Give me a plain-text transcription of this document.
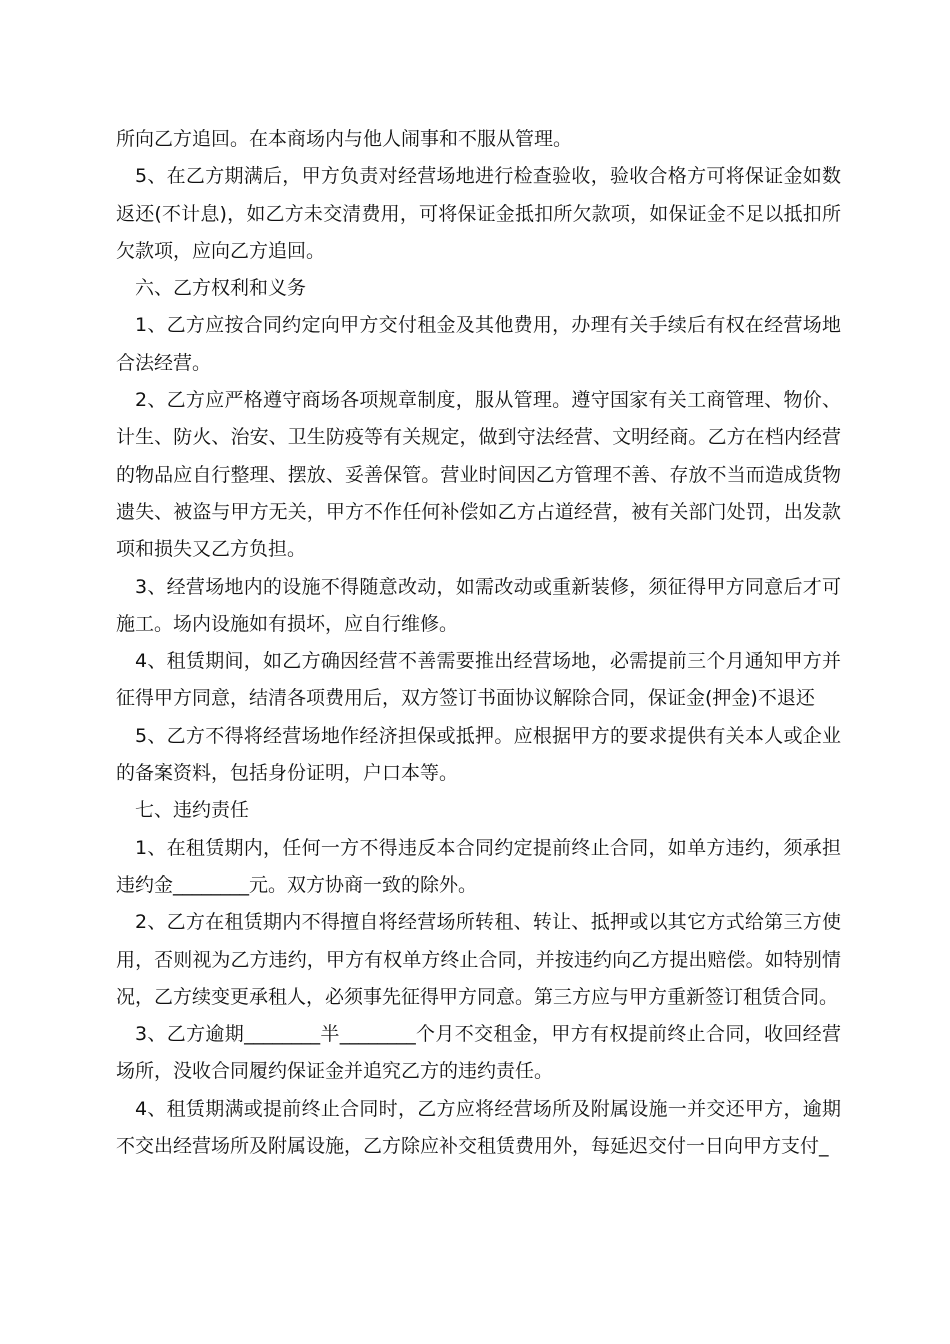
所向乙方追回。在本商场内与他人闹事和不服从管理。

5、在乙方期满后，甲方负责对经营场地进行检查验收，验收合格方可将保证金如数返还(不计息)，如乙方未交清费用，可将保证金抵扣所欠款项，如保证金不足以抵扣所欠款项，应向乙方追回。

六、乙方权利和义务

1、乙方应按合同约定向甲方交付租金及其他费用，办理有关手续后有权在经营场地合法经营。

2、乙方应严格遵守商场各项规章制度，服从管理。遵守国家有关工商管理、物价、计生、防火、治安、卫生防疫等有关规定，做到守法经营、文明经商。乙方在档内经营的物品应自行整理、摆放、妥善保管。营业时间因乙方管理不善、存放不当而造成货物遗失、被盗与甲方无关，甲方不作任何补偿如乙方占道经营，被有关部门处罚，出发款项和损失又乙方负担。

3、经营场地内的设施不得随意改动，如需改动或重新装修，须征得甲方同意后才可施工。场内设施如有损坏，应自行维修。

4、租赁期间，如乙方确因经营不善需要推出经营场地，必需提前三个月通知甲方并征得甲方同意，结清各项费用后，双方签订书面协议解除合同，保证金(押金)不退还

5、乙方不得将经营场地作经济担保或抵押。应根据甲方的要求提供有关本人或企业的备案资料，包括身份证明，户口本等。

七、违约责任

1、在租赁期内，任何一方不得违反本合同约定提前终止合同，如单方违约，须承担违约金________元。双方协商一致的除外。

2、乙方在租赁期内不得擅自将经营场所转租、转让、抵押或以其它方式给第三方使用，否则视为乙方违约，甲方有权单方终止合同，并按违约向乙方提出赔偿。如特别情况，乙方续变更承租人，必须事先征得甲方同意。第三方应与甲方重新签订租赁合同。

3、乙方逾期________半________个月不交租金，甲方有权提前终止合同，收回经营场所，没收合同履约保证金并追究乙方的违约责任。

4、租赁期满或提前终止合同时，乙方应将经营场所及附属设施一并交还甲方，逾期不交出经营场所及附属设施，乙方除应补交租赁费用外，每延迟交付一日向甲方支付_
